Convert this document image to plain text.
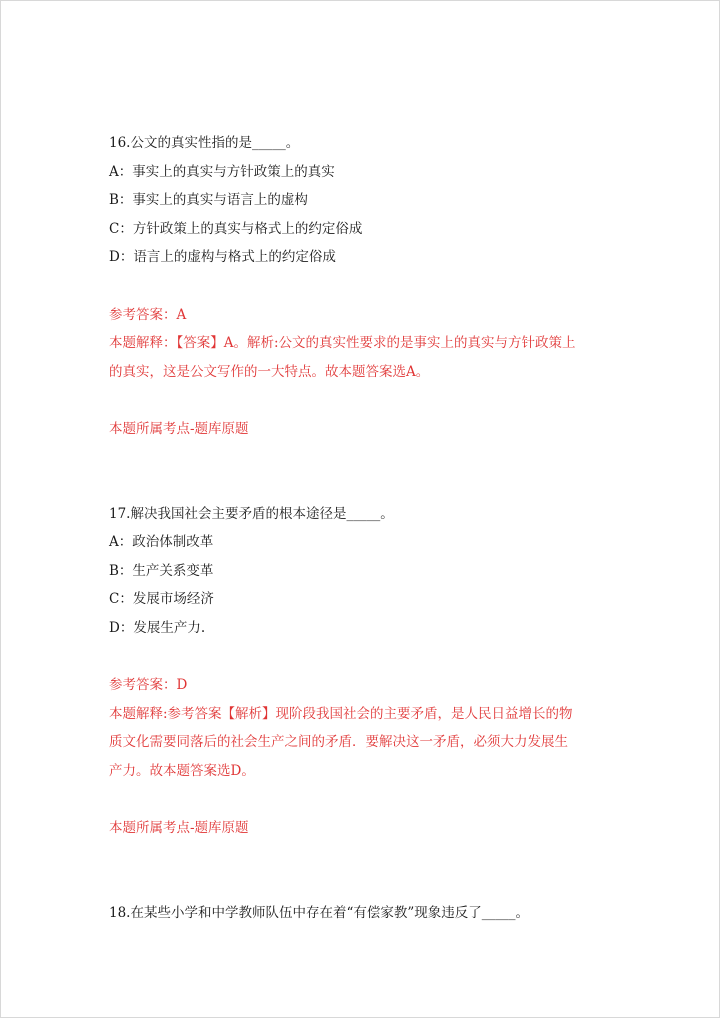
16.公文的真实性指的是_____。
A：事实上的真实与方针政策上的真实
B：事实上的真实与语言上的虚构
C：方针政策上的真实与格式上的约定俗成
D：语言上的虚构与格式上的约定俗成
参考答案：A
本题解释：【答案】A。解析:公文的真实性要求的是事实上的真实与方针政策上
的真实，这是公文写作的一大特点。故本题答案选A。
本题所属考点-题库原题
17.解决我国社会主要矛盾的根本途径是_____。
A：政治体制改革
B：生产关系变革
C：发展市场经济
D：发展生产力.
参考答案：D
本题解释:参考答案【解析】现阶段我国社会的主要矛盾，是人民日益增长的物
质文化需要同落后的社会生产之间的矛盾．要解决这一矛盾，必须大力发展生
产力。故本题答案选D。
本题所属考点-题库原题
18.在某些小学和中学教师队伍中存在着“有偿家教”现象违反了_____。
